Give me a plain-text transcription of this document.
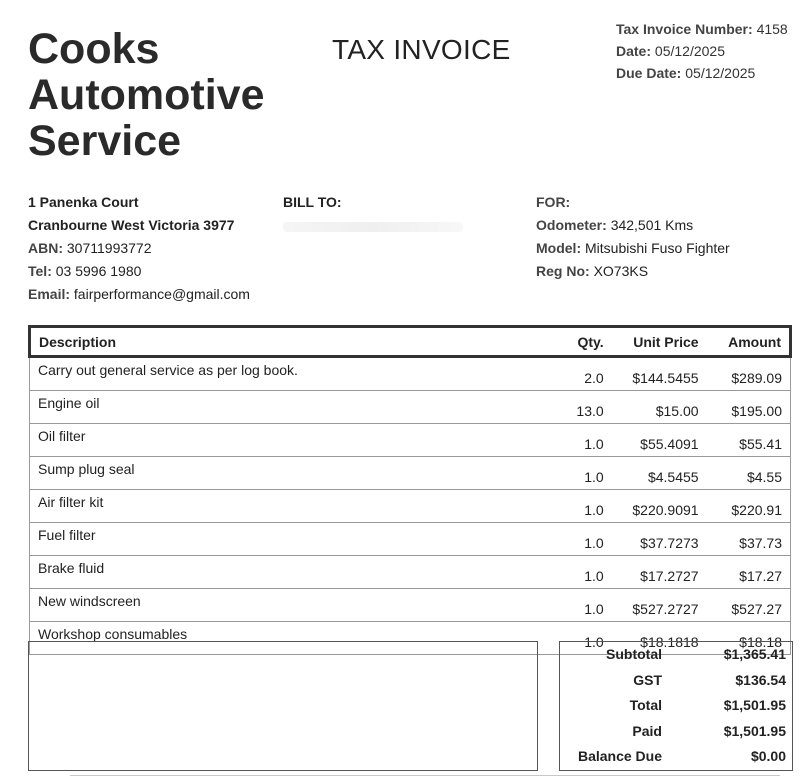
Cooks
Automotive
Service
TAX INVOICE
Tax Invoice Number: 4158
Date: 05/12/2025
Due Date: 05/12/2025
1 Panenka Court
Cranbourne West Victoria 3977
ABN: 30711993772
Tel: 03 5996 1980
Email: fairperformance@gmail.com
BILL TO:	FOR:
Odometer: 342,501 Kms
Model: Mitsubishi Fuso Fighter
Reg No: XO73KS
Description	Qty.	Unit Price	Amount
Carry out general service as per log book.	2.0	$144.5455	$289.09
Engine oil	13.0	$15.00	$195.00
Oil filter	1.0	$55.4091	$55.41
Sump plug seal	1.0	$4.5455	$4.55
Air filter kit	1.0	$220.9091	$220.91
Fuel filter	1.0	$37.7273	$37.73
Brake fluid	1.0	$17.2727	$17.27
New windscreen	1.0	$527.2727	$527.27
Workshop consumables	1.0	$18.1818	$18.18
Subtotal	$1,365.41
GST	$136.54
Total	$1,501.95
Paid	$1,501.95
Balance Due	$0.00
